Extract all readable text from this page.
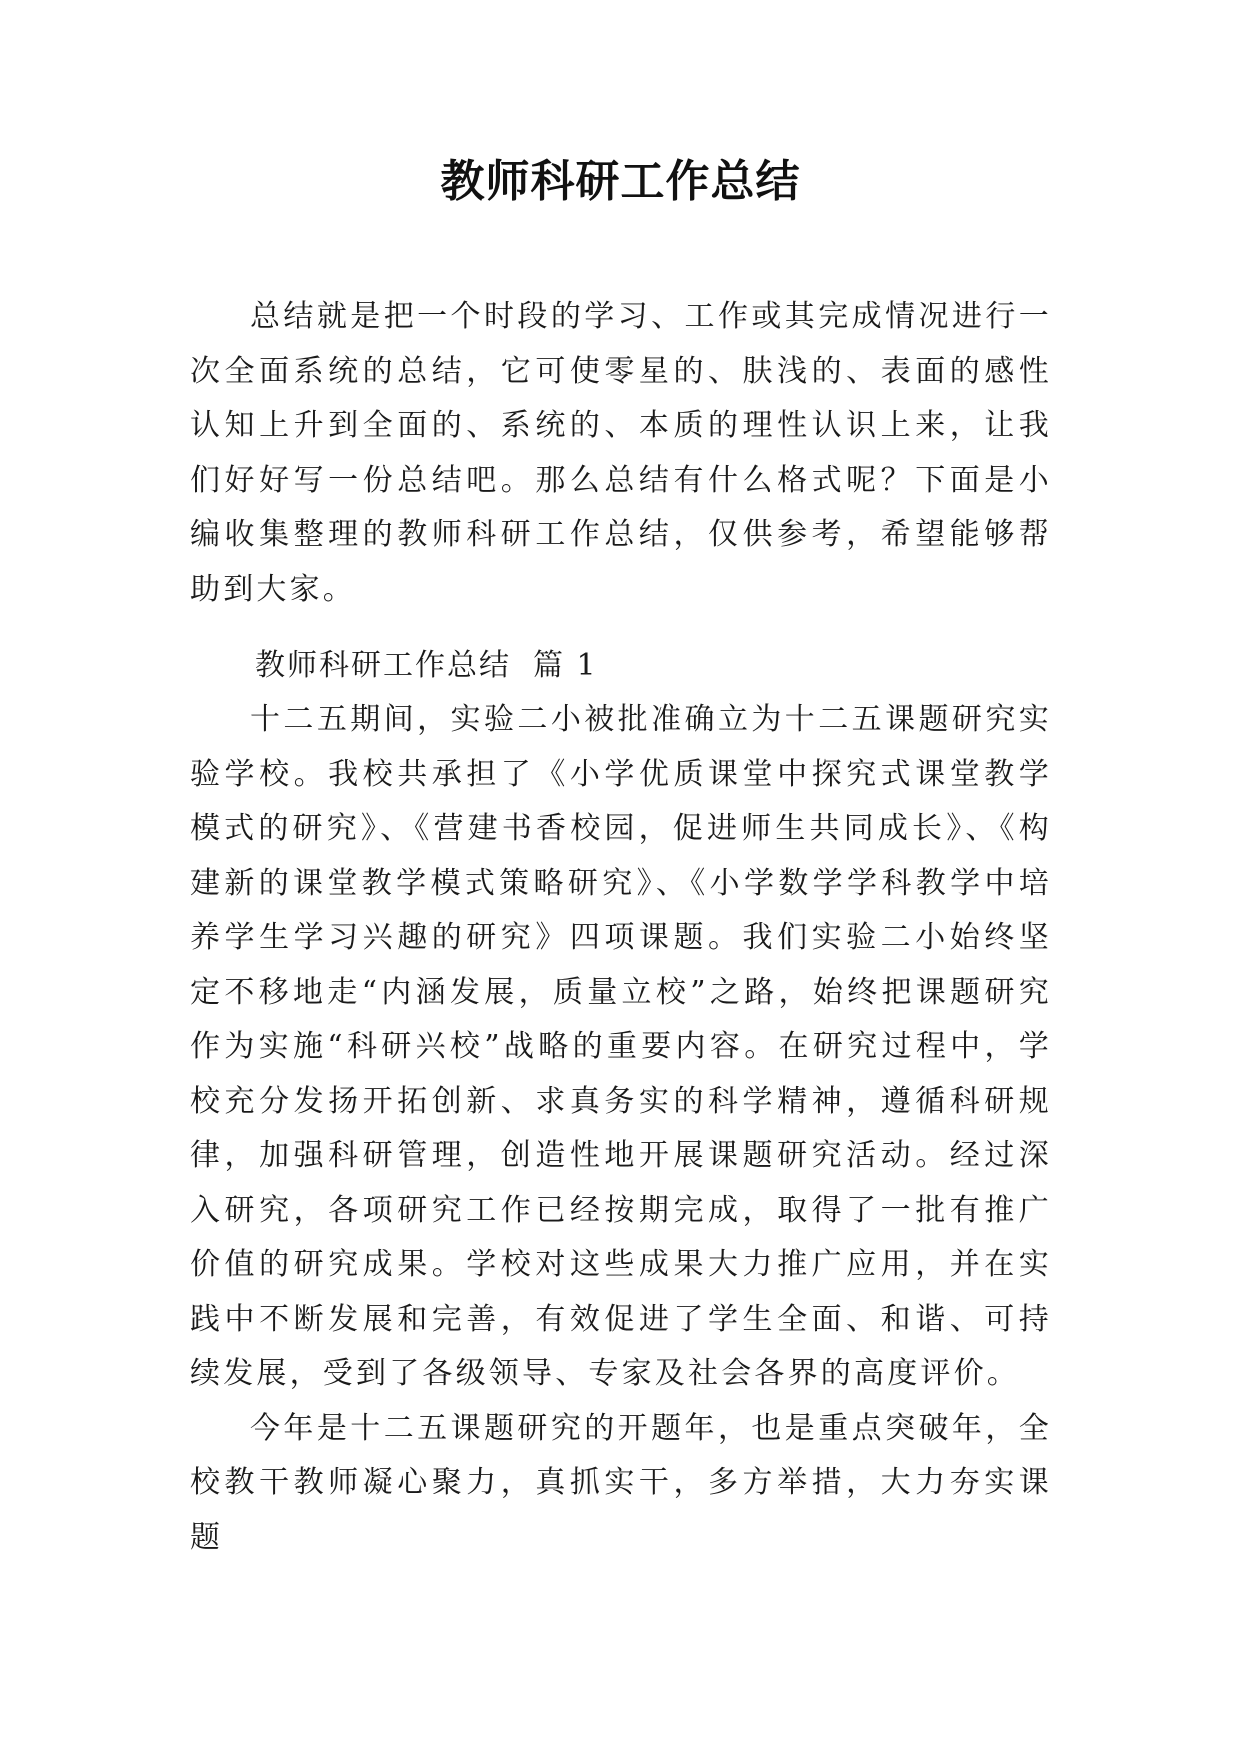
教师科研工作总结

总结就是把一个时段的学习、工作或其完成情况进行一次全面系统的总结，它可使零星的、肤浅的、表面的感性认知上升到全面的、系统的、本质的理性认识上来，让我们好好写一份总结吧。那么总结有什么格式呢？下面是小编收集整理的教师科研工作总结，仅供参考，希望能够帮助到大家。

教师科研工作总结 篇 1

十二五期间，实验二小被批准确立为十二五课题研究实验学校。我校共承担了《小学优质课堂中探究式课堂教学模式的研究》、《营建书香校园，促进师生共同成长》、《构建新的课堂教学模式策略研究》、《小学数学学科教学中培养学生学习兴趣的研究》四项课题。我们实验二小始终坚定不移地走“内涵发展，质量立校”之路，始终把课题研究作为实施“科研兴校”战略的重要内容。在研究过程中，学校充分发扬开拓创新、求真务实的科学精神，遵循科研规律，加强科研管理，创造性地开展课题研究活动。经过深入研究，各项研究工作已经按期完成，取得了一批有推广价值的研究成果。学校对这些成果大力推广应用，并在实践中不断发展和完善，有效促进了学生全面、和谐、可持续发展，受到了各级领导、专家及社会各界的高度评价。

今年是十二五课题研究的开题年，也是重点突破年，全校教干教师凝心聚力，真抓实干，多方举措，大力夯实课题
